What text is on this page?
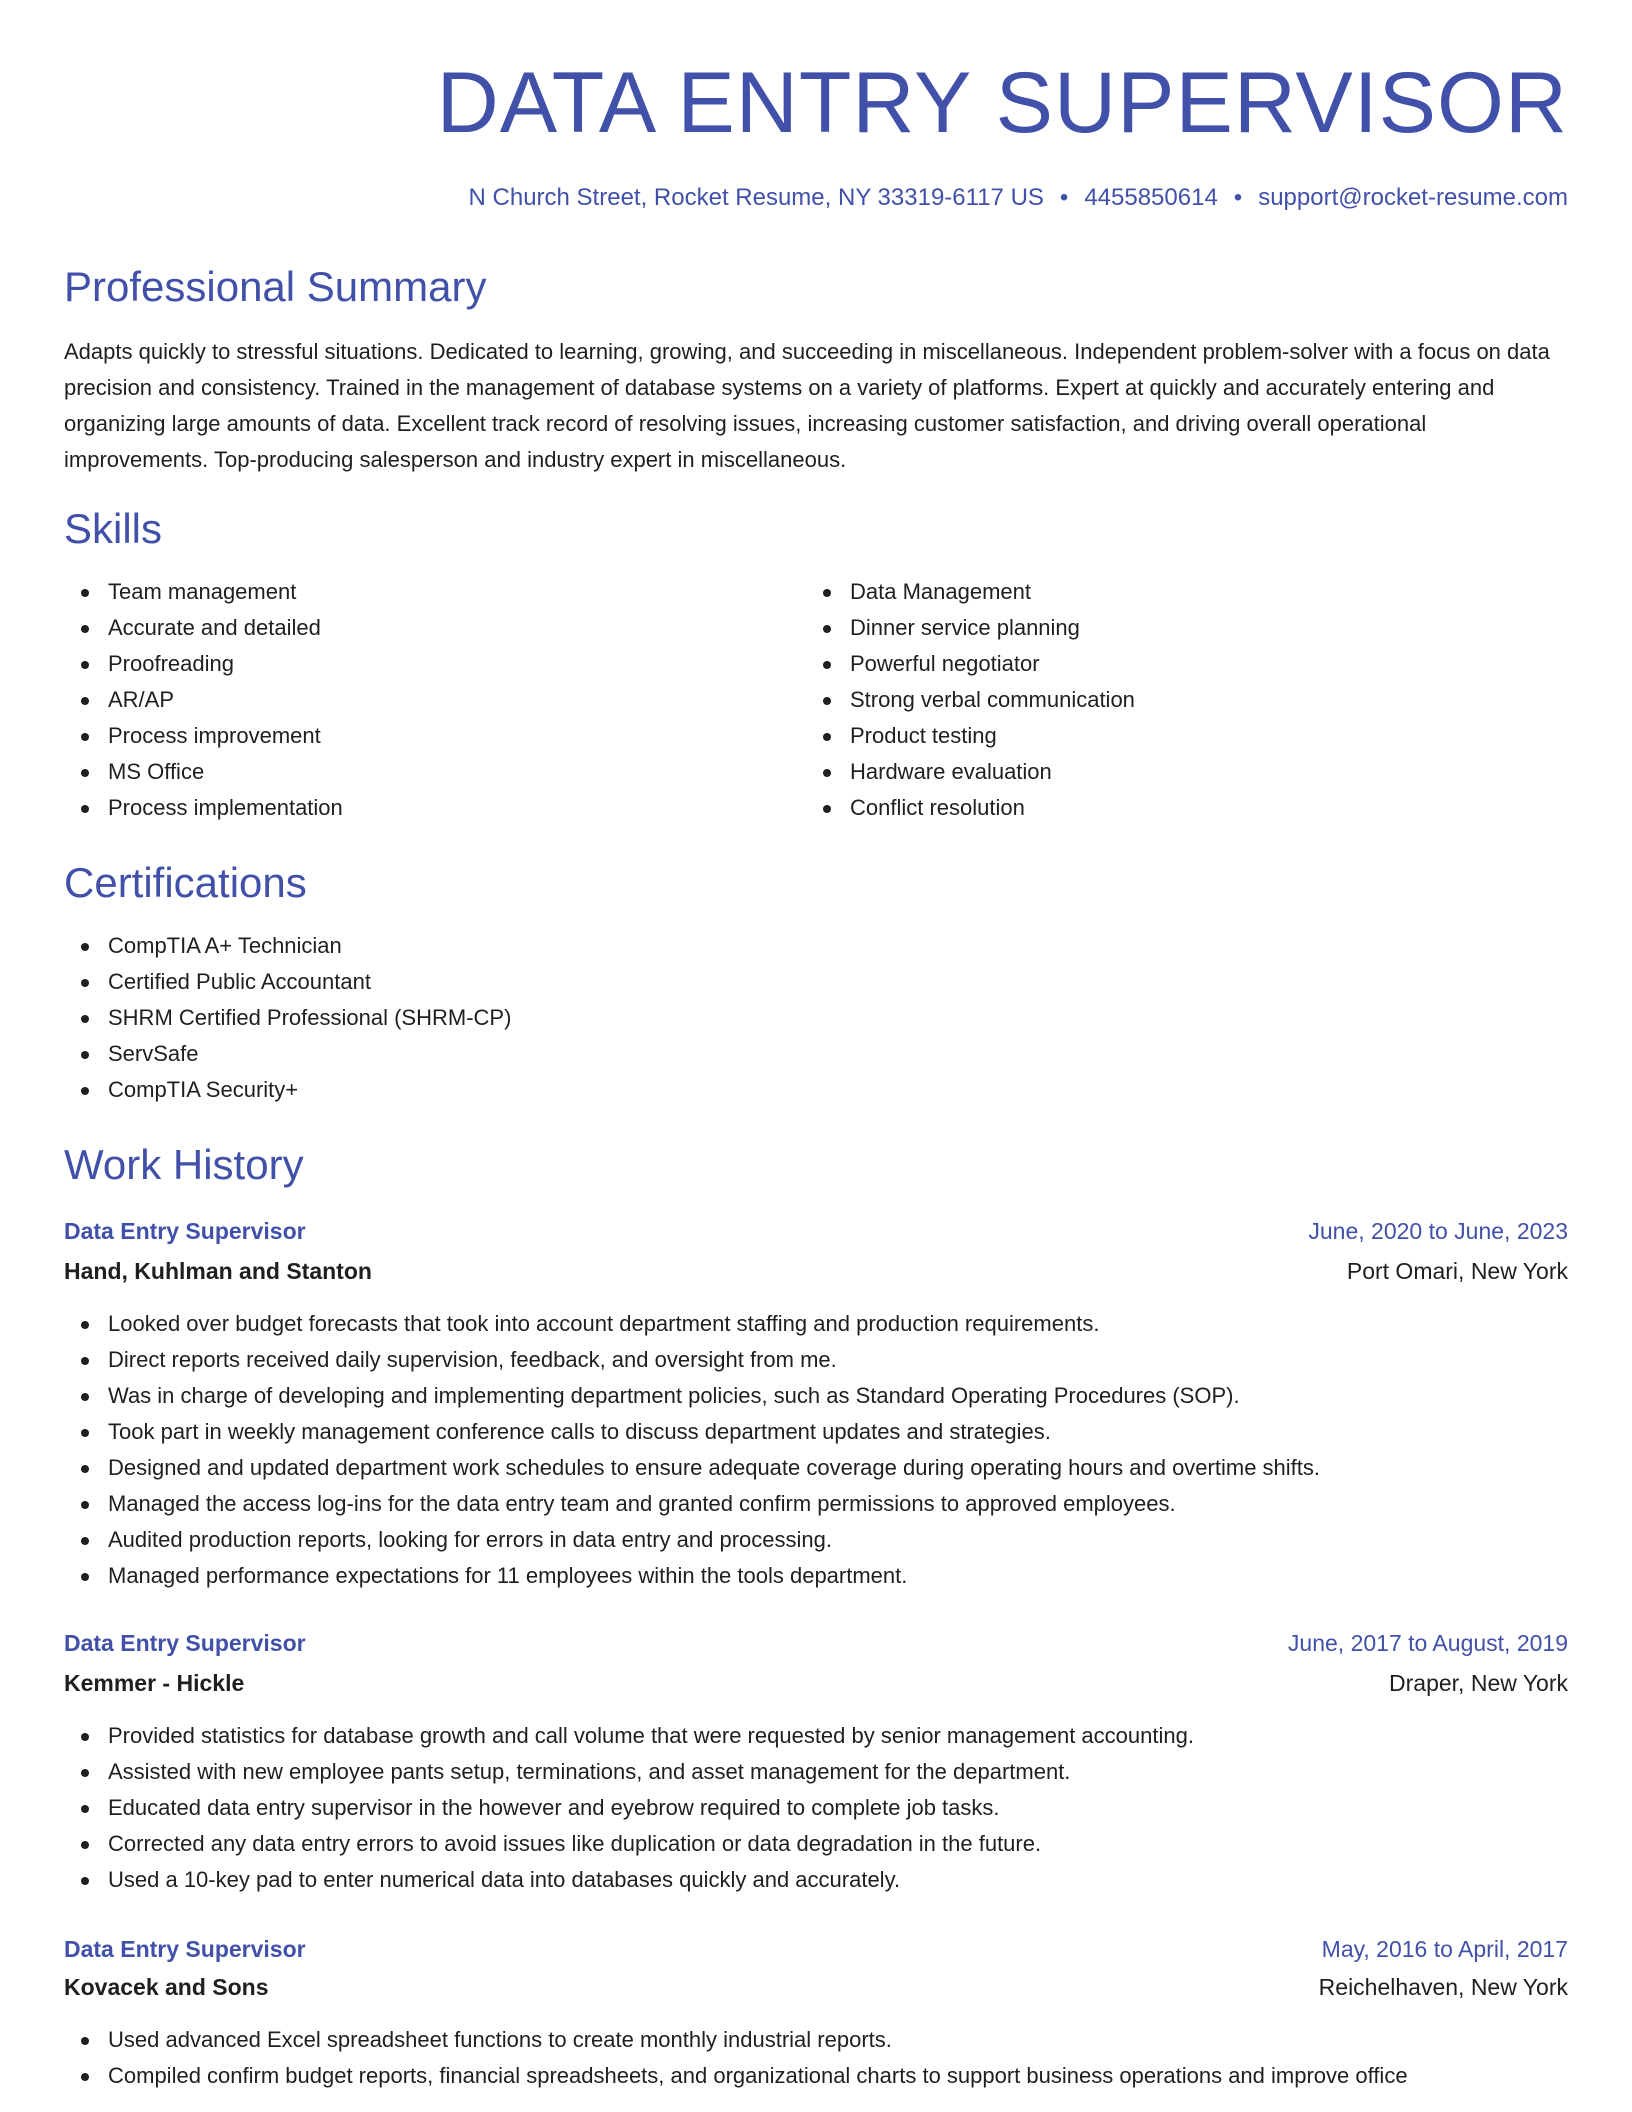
DATA ENTRY SUPERVISOR
N Church Street, Rocket Resume, NY 33319-6117 US • 4455850614 • support@rocket-resume.com
Professional Summary

Adapts quickly to stressful situations. Dedicated to learning, growing, and succeeding in miscellaneous. Independent problem-solver with a focus on data precision and consistency. Trained in the management of database systems on a variety of platforms. Expert at quickly and accurately entering and organizing large amounts of data. Excellent track record of resolving issues, increasing customer satisfaction, and driving overall operational improvements. Top-producing salesperson and industry expert in miscellaneous.

Skills
Team management
Accurate and detailed
Proofreading
AR/AP
Process improvement
MS Office
Process implementation
Data Management
Dinner service planning
Powerful negotiator
Strong verbal communication
Product testing
Hardware evaluation
Conflict resolution
Certifications
CompTIA A+ Technician
Certified Public Accountant
SHRM Certified Professional (SHRM-CP)
ServSafe
CompTIA Security+
Work History
Data Entry Supervisor	June, 2020 to June, 2023
Hand, Kuhlman and Stanton	Port Omari, New York
Looked over budget forecasts that took into account department staffing and production requirements.
Direct reports received daily supervision, feedback, and oversight from me.
Was in charge of developing and implementing department policies, such as Standard Operating Procedures (SOP).
Took part in weekly management conference calls to discuss department updates and strategies.
Designed and updated department work schedules to ensure adequate coverage during operating hours and overtime shifts.
Managed the access log-ins for the data entry team and granted confirm permissions to approved employees.
Audited production reports, looking for errors in data entry and processing.
Managed performance expectations for 11 employees within the tools department.
Data Entry Supervisor	June, 2017 to August, 2019
Kemmer - Hickle	Draper, New York
Provided statistics for database growth and call volume that were requested by senior management accounting.
Assisted with new employee pants setup, terminations, and asset management for the department.
Educated data entry supervisor in the however and eyebrow required to complete job tasks.
Corrected any data entry errors to avoid issues like duplication or data degradation in the future.
Used a 10-key pad to enter numerical data into databases quickly and accurately.
Data Entry Supervisor	May, 2016 to April, 2017
Kovacek and Sons	Reichelhaven, New York
Used advanced Excel spreadsheet functions to create monthly industrial reports.
Compiled confirm budget reports, financial spreadsheets, and organizational charts to support business operations and improve office
